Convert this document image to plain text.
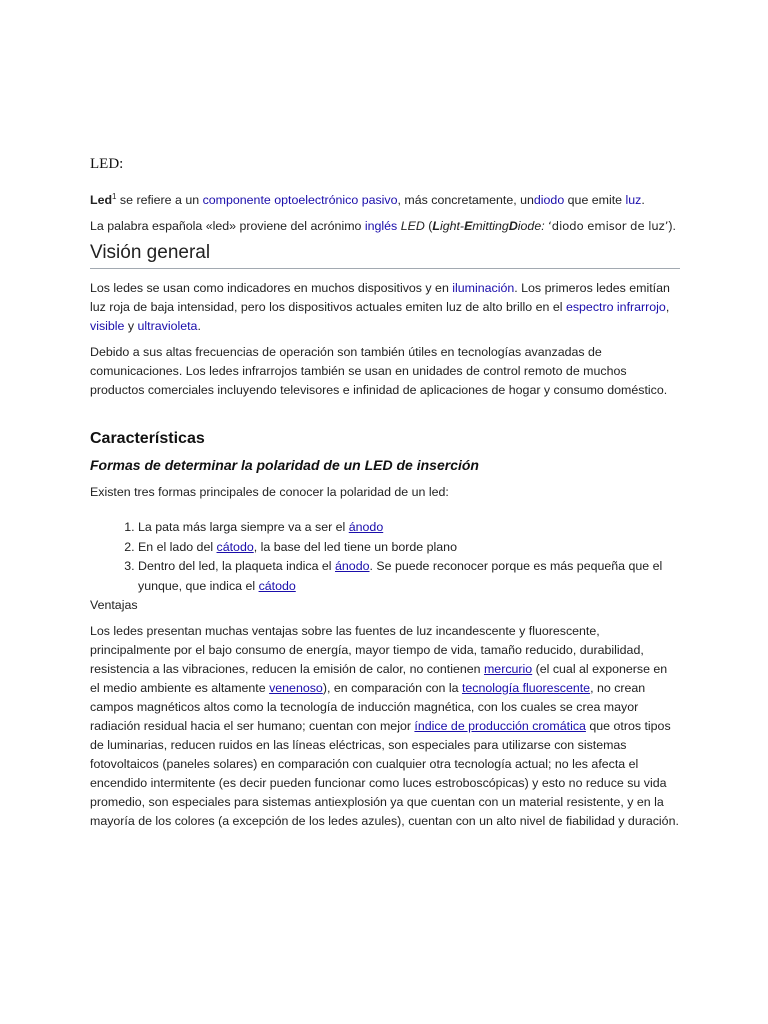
LED:

Led$^1$ se refiere a un componente optoelectrónico pasivo, más concretamente, undiodo que emite luz.

La palabra española «led» proviene del acrónimo inglés LED (Light-EmittingDiode: ‘diodo emisor de luz’).

Visión general

Los ledes se usan como indicadores en muchos dispositivos y en iluminación. Los primeros ledes emitían luz roja de baja intensidad, pero los dispositivos actuales emiten luz de alto brillo en el espectro infrarrojo, visible y ultravioleta.

Debido a sus altas frecuencias de operación son también útiles en tecnologías avanzadas de comunicaciones. Los ledes infrarrojos también se usan en unidades de control remoto de muchos productos comerciales incluyendo televisores e infinidad de aplicaciones de hogar y consumo doméstico.

Características
Formas de determinar la polaridad de un LED de inserción

Existen tres formas principales de conocer la polaridad de un led:

1. La pata más larga siempre va a ser el ánodo
2. En el lado del cátodo, la base del led tiene un borde plano
3. Dentro del led, la plaqueta indica el ánodo. Se puede reconocer porque es más pequeña que el yunque, que indica el cátodo
Ventajas

Los ledes presentan muchas ventajas sobre las fuentes de luz incandescente y fluorescente, principalmente por el bajo consumo de energía, mayor tiempo de vida, tamaño reducido, durabilidad, resistencia a las vibraciones, reducen la emisión de calor, no contienen mercurio (el cual al exponerse en el medio ambiente es altamente venenoso), en comparación con la tecnología fluorescente, no crean campos magnéticos altos como la tecnología de inducción magnética, con los cuales se crea mayor radiación residual hacia el ser humano; cuentan con mejor índice de producción cromática que otros tipos de luminarias, reducen ruidos en las líneas eléctricas, son especiales para utilizarse con sistemas fotovoltaicos (paneles solares) en comparación con cualquier otra tecnología actual; no les afecta el encendido intermitente (es decir pueden funcionar como luces estroboscópicas) y esto no reduce su vida promedio, son especiales para sistemas antiexplosión ya que cuentan con un material resistente, y en la mayoría de los colores (a excepción de los ledes azules), cuentan con un alto nivel de fiabilidad y duración.
